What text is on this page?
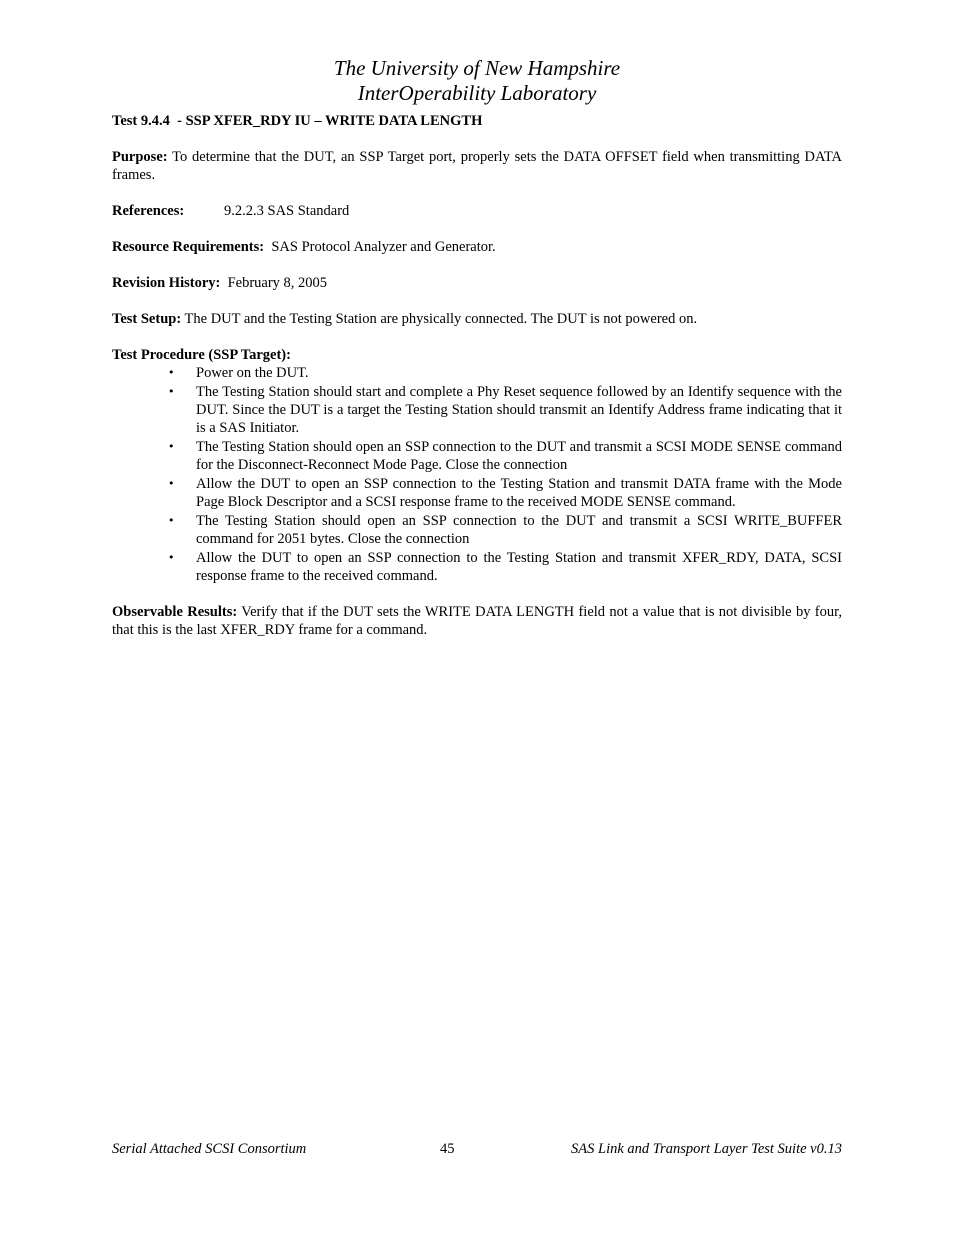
The University of New Hampshire
InterOperability Laboratory

Test 9.4.4  - SSP XFER_RDY IU – WRITE DATA LENGTH

Purpose: To determine that the DUT, an SSP Target port, properly sets the DATA OFFSET field when transmitting DATA frames.

References:	9.2.2.3 SAS Standard

Resource Requirements:  SAS Protocol Analyzer and Generator.

Revision History:  February 8, 2005

Test Setup: The DUT and the Testing Station are physically connected. The DUT is not powered on.

Test Procedure (SSP Target):

• Power on the DUT.
• The Testing Station should start and complete a Phy Reset sequence followed by an Identify sequence with the DUT. Since the DUT is a target the Testing Station should transmit an Identify Address frame indicating that it is a SAS Initiator.
• The Testing Station should open an SSP connection to the DUT and transmit a SCSI MODE SENSE command for the Disconnect-Reconnect Mode Page. Close the connection
• Allow the DUT to open an SSP connection to the Testing Station and transmit DATA frame with the Mode Page Block Descriptor and a SCSI response frame to the received MODE SENSE command.
• The Testing Station should open an SSP connection to the DUT and transmit a SCSI WRITE_BUFFER command for 2051 bytes. Close the connection
• Allow the DUT to open an SSP connection to the Testing Station and transmit XFER_RDY, DATA, SCSI response frame to the received command.

Observable Results: Verify that if the DUT sets the WRITE DATA LENGTH field not a value that is not divisible by four, that this is the last XFER_RDY frame for a command.

Serial Attached SCSI Consortium	45	SAS Link and Transport Layer Test Suite v0.13
